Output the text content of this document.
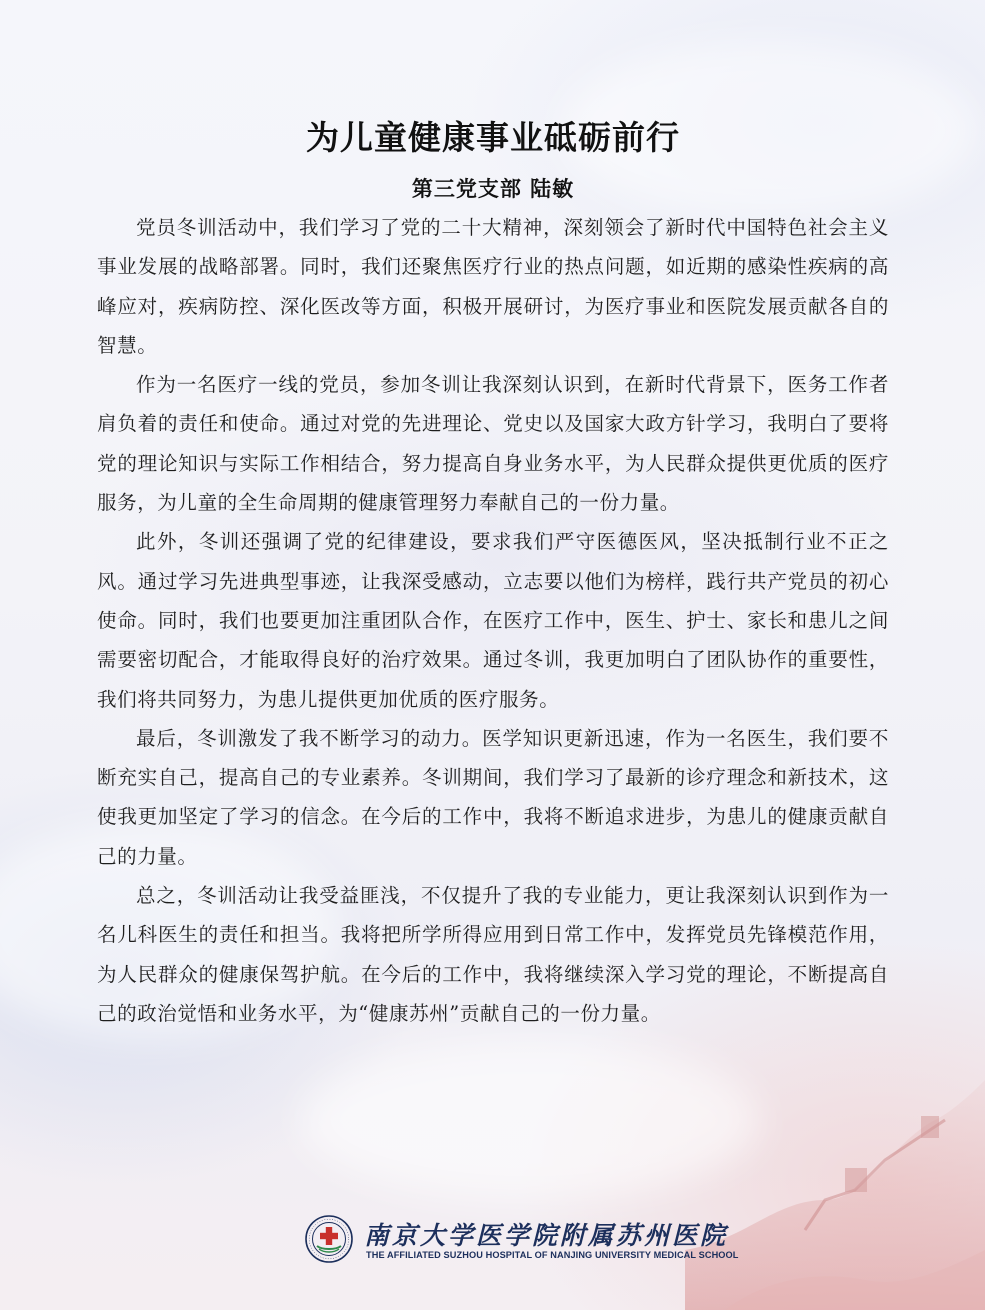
为儿童健康事业砥砺前行
第三党支部 陆敏

党员冬训活动中，我们学习了党的二十大精神，深刻领会了新时代中国特色社会主义事业发展的战略部署。同时，我们还聚焦医疗行业的热点问题，如近期的感染性疾病的高峰应对，疾病防控、深化医改等方面，积极开展研讨，为医疗事业和医院发展贡献各自的智慧。

作为一名医疗一线的党员，参加冬训让我深刻认识到，在新时代背景下，医务工作者肩负着的责任和使命。通过对党的先进理论、党史以及国家大政方针学习，我明白了要将党的理论知识与实际工作相结合，努力提高自身业务水平，为人民群众提供更优质的医疗服务，为儿童的全生命周期的健康管理努力奉献自己的一份力量。

此外，冬训还强调了党的纪律建设，要求我们严守医德医风，坚决抵制行业不正之风。通过学习先进典型事迹，让我深受感动，立志要以他们为榜样，践行共产党员的初心使命。同时，我们也要更加注重团队合作，在医疗工作中，医生、护士、家长和患儿之间需要密切配合，才能取得良好的治疗效果。通过冬训，我更加明白了团队协作的重要性，我们将共同努力，为患儿提供更加优质的医疗服务。

最后，冬训激发了我不断学习的动力。医学知识更新迅速，作为一名医生，我们要不断充实自己，提高自己的专业素养。冬训期间，我们学习了最新的诊疗理念和新技术，这使我更加坚定了学习的信念。在今后的工作中，我将不断追求进步，为患儿的健康贡献自己的力量。

总之，冬训活动让我受益匪浅，不仅提升了我的专业能力，更让我深刻认识到作为一名儿科医生的责任和担当。我将把所学所得应用到日常工作中，发挥党员先锋模范作用，为人民群众的健康保驾护航。在今后的工作中，我将继续深入学习党的理论，不断提高自己的政治觉悟和业务水平，为“健康苏州”贡献自己的一份力量。

南京大学医学院附属苏州医院
THE AFFILIATED SUZHOU HOSPITAL OF NANJING UNIVERSITY MEDICAL SCHOOL
